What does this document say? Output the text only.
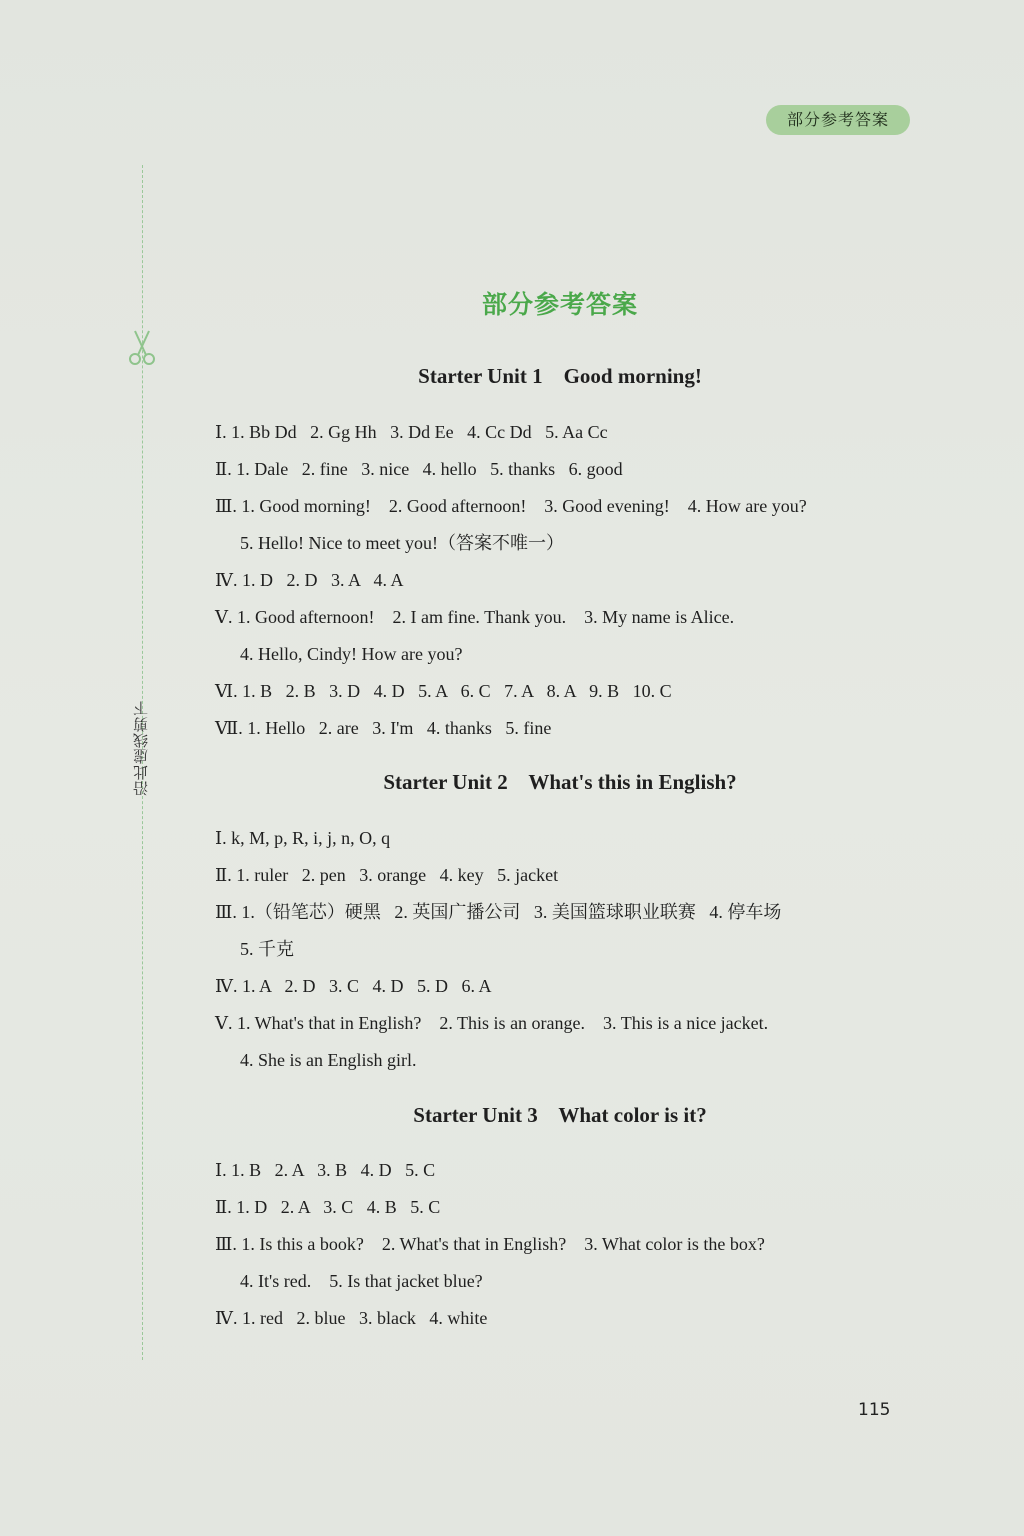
部分参考答案
沿此虚线剪下
部分参考答案
Starter Unit 1    Good morning!
Ⅰ. 1. Bb Dd   2. Gg Hh   3. Dd Ee   4. Cc Dd   5. Aa Cc
Ⅱ. 1. Dale   2. fine   3. nice   4. hello   5. thanks   6. good
Ⅲ. 1. Good morning!    2. Good afternoon!    3. Good evening!    4. How are you?
5. Hello! Nice to meet you!（答案不唯一）
Ⅳ. 1. D   2. D   3. A   4. A
Ⅴ. 1. Good afternoon!    2. I am fine. Thank you.    3. My name is Alice.
4. Hello, Cindy! How are you?
Ⅵ. 1. B   2. B   3. D   4. D   5. A   6. C   7. A   8. A   9. B   10. C
Ⅶ. 1. Hello   2. are   3. I'm   4. thanks   5. fine
Starter Unit 2    What's this in English?
Ⅰ. k, M, p, R, i, j, n, O, q
Ⅱ. 1. ruler   2. pen   3. orange   4. key   5. jacket
Ⅲ. 1.（铅笔芯）硬黑   2. 英国广播公司   3. 美国篮球职业联赛   4. 停车场
5. 千克
Ⅳ. 1. A   2. D   3. C   4. D   5. D   6. A
Ⅴ. 1. What's that in English?    2. This is an orange.    3. This is a nice jacket.
4. She is an English girl.
Starter Unit 3    What color is it?
Ⅰ. 1. B   2. A   3. B   4. D   5. C
Ⅱ. 1. D   2. A   3. C   4. B   5. C
Ⅲ. 1. Is this a book?    2. What's that in English?    3. What color is the box?
4. It's red.    5. Is that jacket blue?
Ⅳ. 1. red   2. blue   3. black   4. white
115
